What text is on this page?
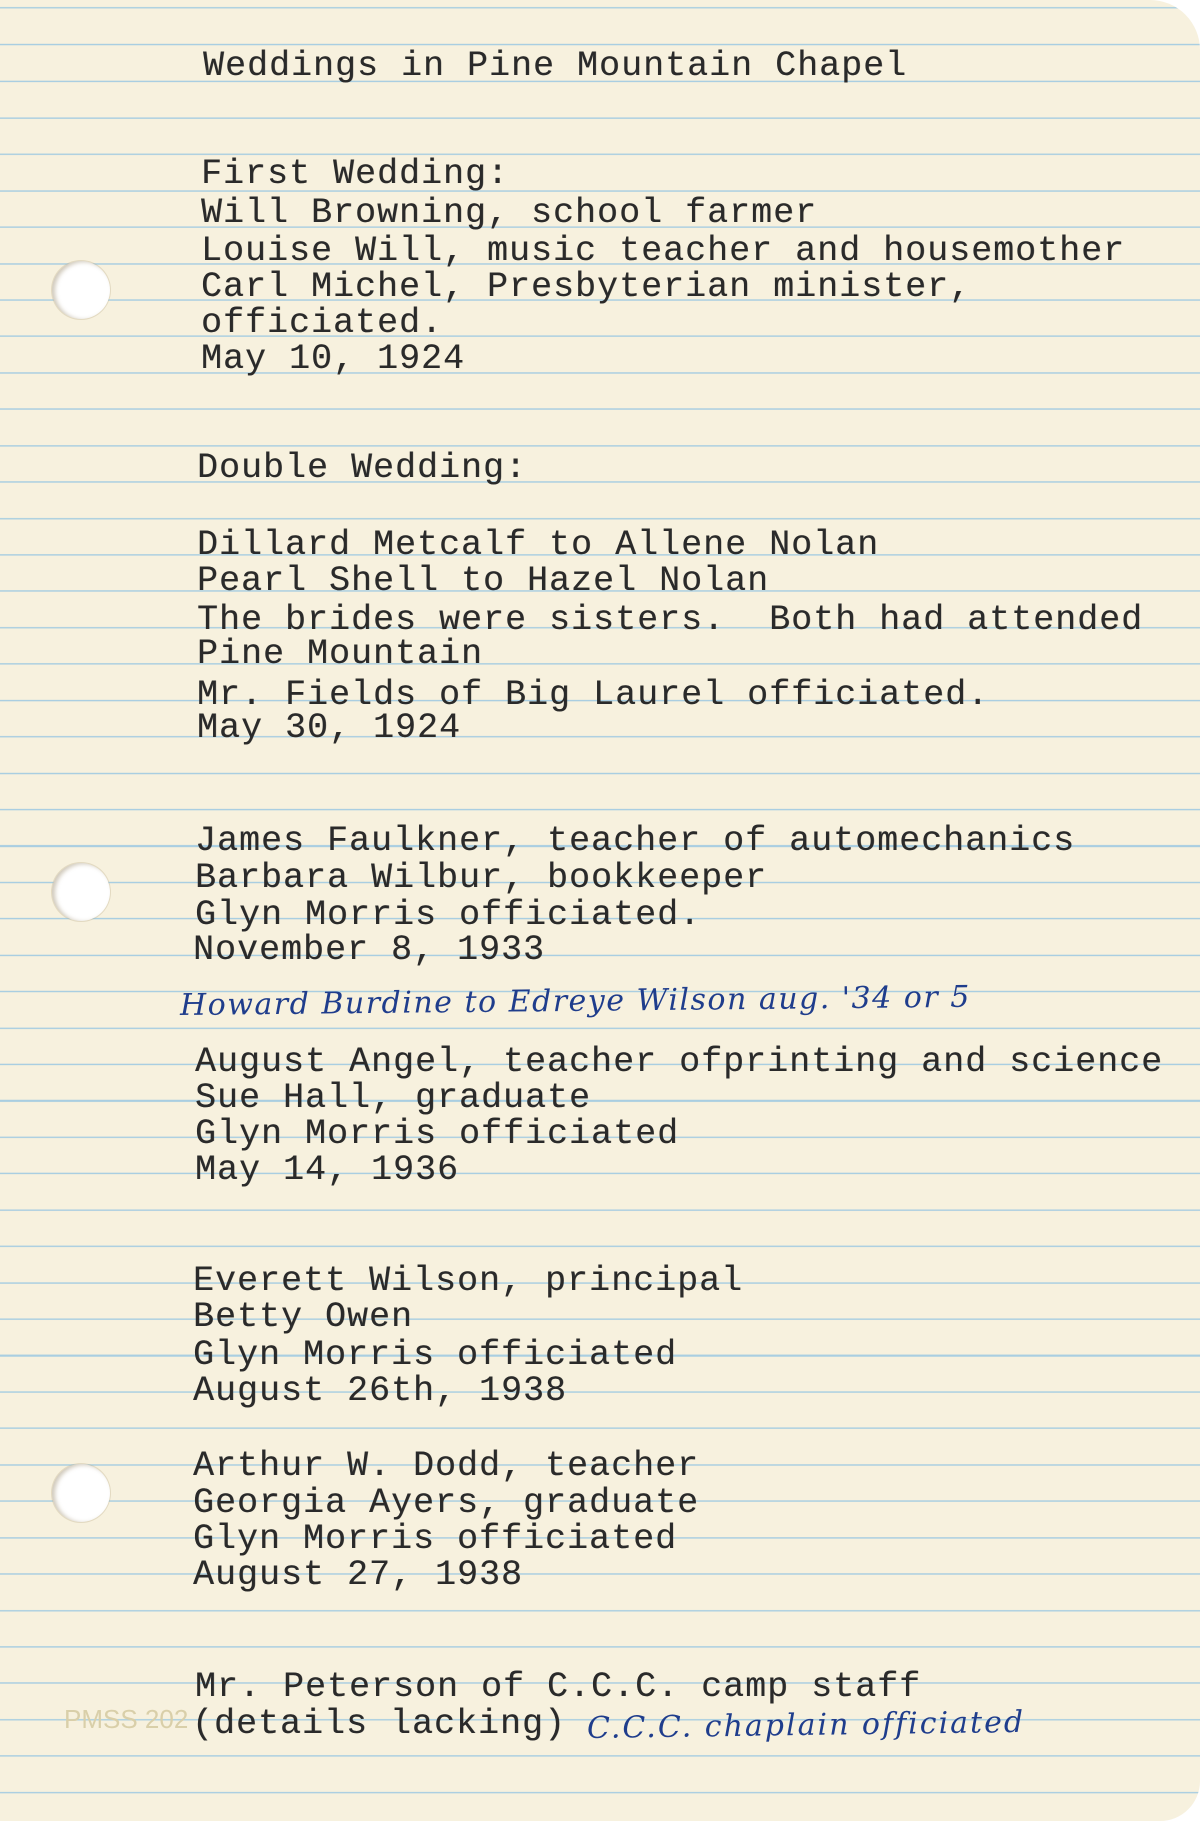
PMSS 202
Weddings in Pine Mountain Chapel
First Wedding:
Will Browning, school farmer
Louise Will, music teacher and housemother
Carl Michel, Presbyterian minister,
officiated.
May 10, 1924
Double Wedding:
Dillard Metcalf to Allene Nolan
Pearl Shell to Hazel Nolan
The brides were sisters.  Both had attended
Pine Mountain
Mr. Fields of Big Laurel officiated.
May 30, 1924
James Faulkner, teacher of automechanics
Barbara Wilbur, bookkeeper
Glyn Morris officiated.
November 8, 1933
Howard Burdine to Edreye Wilson aug. '34 or 5
August Angel, teacher ofprinting and science
Sue Hall, graduate
Glyn Morris officiated
May 14, 1936
Everett Wilson, principal
Betty Owen
Glyn Morris officiated
August 26th, 1938
Arthur W. Dodd, teacher
Georgia Ayers, graduate
Glyn Morris officiated
August 27, 1938
Mr. Peterson of C.C.C. camp staff
(details lacking) C.C.C. chaplain officiated
